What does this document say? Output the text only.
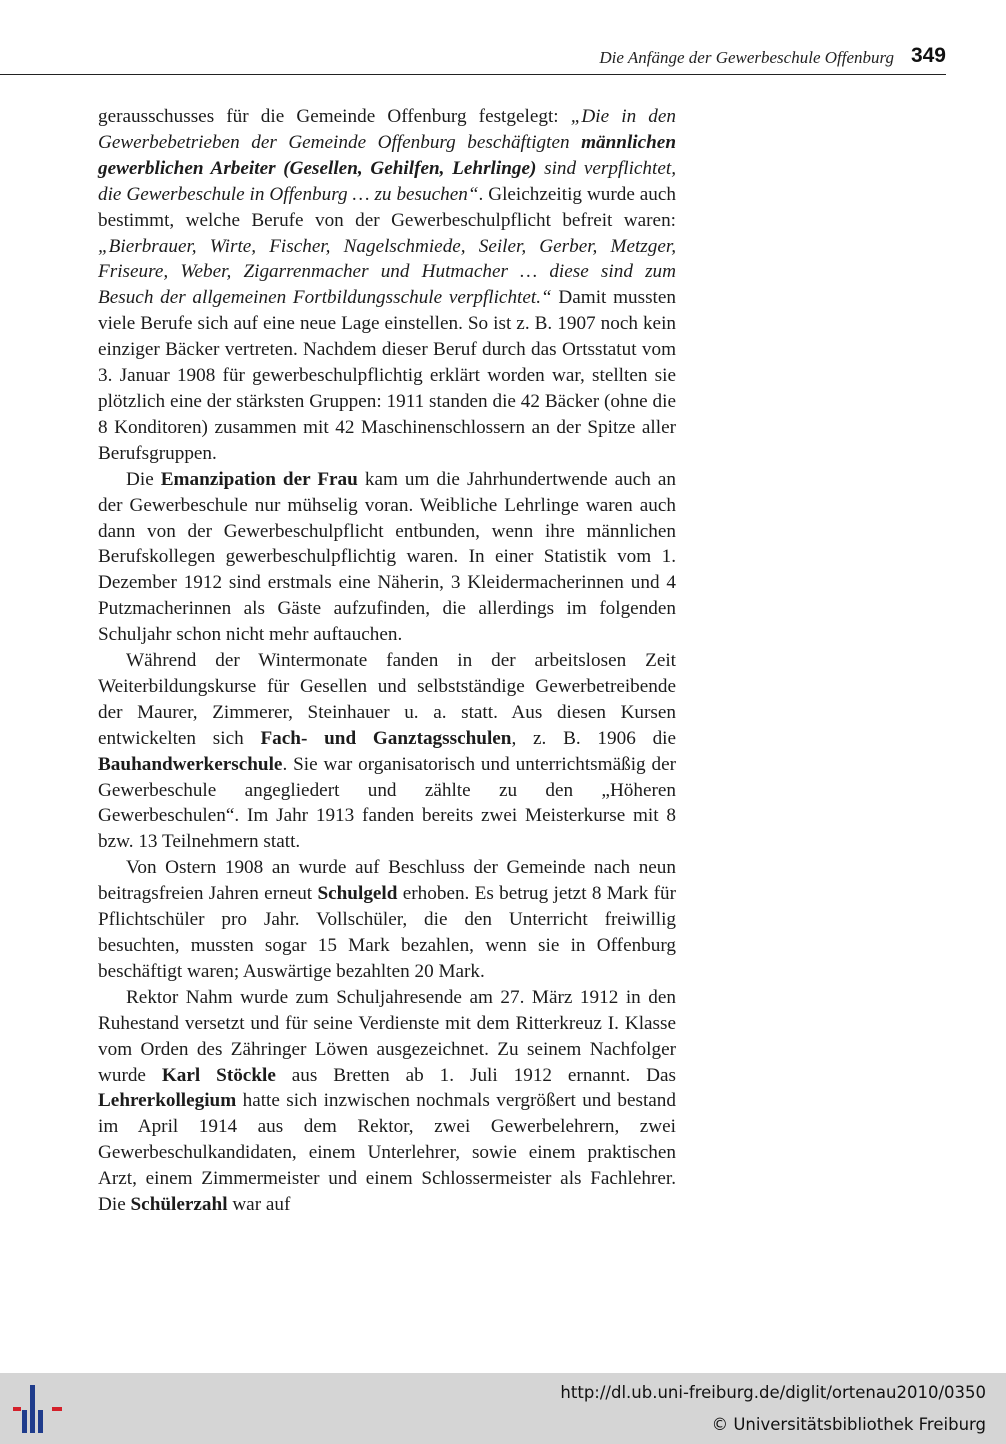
Die Anfänge der Gewerbeschule Offenburg 349

gerausschusses für die Gemeinde Offenburg festgelegt: „Die in den Gewerbebetrieben der Gemeinde Offenburg beschäftigten männlichen gewerblichen Arbeiter (Gesellen, Gehilfen, Lehrlinge) sind verpflichtet, die Gewerbeschule in Offenburg … zu besuchen“. Gleichzeitig wurde auch bestimmt, welche Berufe von der Gewerbeschulpflicht befreit waren: „Bierbrauer, Wirte, Fischer, Nagelschmiede, Seiler, Gerber, Metzger, Friseure, Weber, Zigarrenmacher und Hutmacher … diese sind zum Besuch der allgemeinen Fortbildungsschule verpflichtet.“ Damit mussten viele Berufe sich auf eine neue Lage einstellen. So ist z. B. 1907 noch kein einziger Bäcker vertreten. Nachdem dieser Beruf durch das Ortsstatut vom 3. Januar 1908 für gewerbeschulpflichtig erklärt worden war, stellten sie plötzlich eine der stärksten Gruppen: 1911 standen die 42 Bäcker (ohne die 8 Konditoren) zusammen mit 42 Maschinenschlossern an der Spitze aller Berufsgruppen.

Die Emanzipation der Frau kam um die Jahrhundertwende auch an der Gewerbeschule nur mühselig voran. Weibliche Lehrlinge waren auch dann von der Gewerbeschulpflicht entbunden, wenn ihre männlichen Berufskollegen gewerbeschulpflichtig waren. In einer Statistik vom 1. Dezember 1912 sind erstmals eine Näherin, 3 Kleidermacherinnen und 4 Putzmacherinnen als Gäste aufzufinden, die allerdings im folgenden Schuljahr schon nicht mehr auftauchen.

Während der Wintermonate fanden in der arbeitslosen Zeit Weiterbildungskurse für Gesellen und selbstständige Gewerbetreibende der Maurer, Zimmerer, Steinhauer u. a. statt. Aus diesen Kursen entwickelten sich Fach- und Ganztagsschulen, z. B. 1906 die Bauhandwerkerschule. Sie war organisatorisch und unterrichtsmäßig der Gewerbeschule angegliedert und zählte zu den „Höheren Gewerbeschulen“. Im Jahr 1913 fanden bereits zwei Meisterkurse mit 8 bzw. 13 Teilnehmern statt.

Von Ostern 1908 an wurde auf Beschluss der Gemeinde nach neun beitragsfreien Jahren erneut Schulgeld erhoben. Es betrug jetzt 8 Mark für Pflichtschüler pro Jahr. Vollschüler, die den Unterricht freiwillig besuchten, mussten sogar 15 Mark bezahlen, wenn sie in Offenburg beschäftigt waren; Auswärtige bezahlten 20 Mark.

Rektor Nahm wurde zum Schuljahresende am 27. März 1912 in den Ruhestand versetzt und für seine Verdienste mit dem Ritterkreuz I. Klasse vom Orden des Zähringer Löwen ausgezeichnet. Zu seinem Nachfolger wurde Karl Stöckle aus Bretten ab 1. Juli 1912 ernannt. Das Lehrerkollegium hatte sich inzwischen nochmals vergrößert und bestand im April 1914 aus dem Rektor, zwei Gewerbelehrern, zwei Gewerbeschulkandidaten, einem Unterlehrer, sowie einem praktischen Arzt, einem Zimmermeister und einem Schlossermeister als Fachlehrer. Die Schülerzahl war auf

http://dl.ub.uni-freiburg.de/diglit/ortenau2010/0350
© Universitätsbibliothek Freiburg
